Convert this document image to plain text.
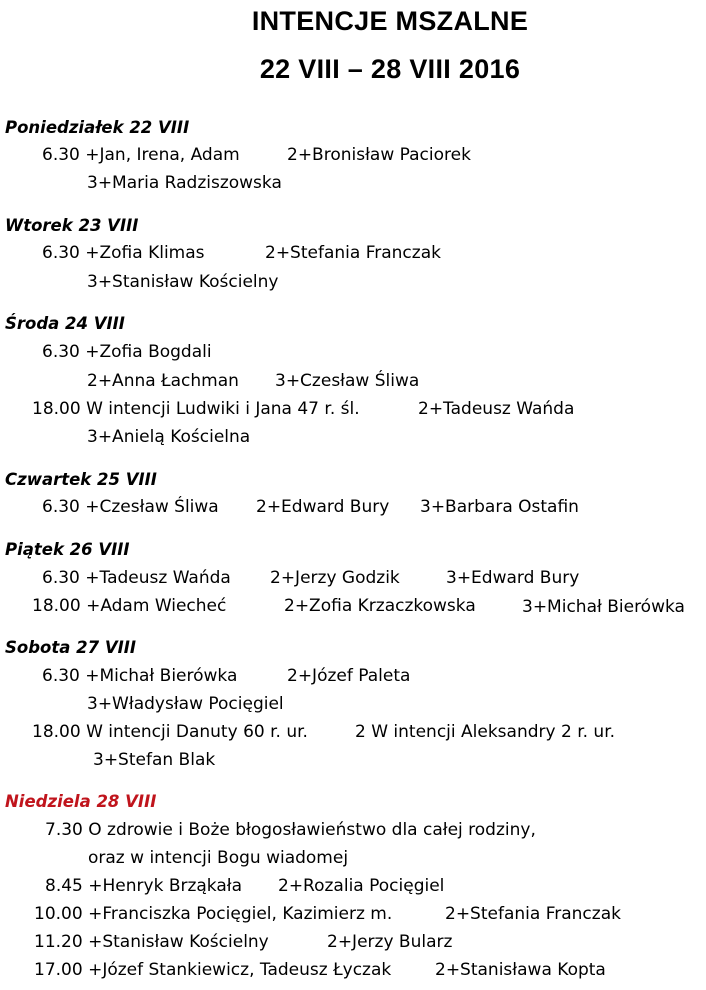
INTENCJE MSZALNE
22 VIII – 28 VIII 2016
Poniedziałek 22 VIII
6.30 +Jan, Irena, Adam	2+Bronisław Paciorek
3+Maria Radziszowska
Wtorek 23 VIII
6.30 +Zofia Klimas	2+Stefania Franczak
3+Stanisław Kościelny
Środa 24 VIII
6.30 +Zofia Bogdali
2+Anna Łachman 3+Czesław Śliwa
18.00 W intencji Ludwiki i Jana 47 r. śl.	2+Tadeusz Wańda
3+Anielą Kościelna
Czwartek 25 VIII
6.30 +Czesław Śliwa 2+Edward Bury 3+Barbara Ostafin
Piątek 26 VIII
6.30 +Tadeusz Wańda 2+Jerzy Godzik	3+Edward Bury
18.00 +Adam Wiecheć	2+Zofia Krzaczkowska	3+Michał Bierówka
Sobota 27 VIII
6.30 +Michał Bierówka	2+Józef Paleta
3+Władysław Pocięgiel
18.00 W intencji Danuty 60 r. ur.	2 W intencji Aleksandry 2 r. ur.
3+Stefan Blak
Niedziela 28 VIII
7.30 O zdrowie i Boże błogosławieństwo dla całej rodziny,
oraz w intencji Bogu wiadomej
8.45 +Henryk Brząkała 2+Rozalia Pocięgiel
10.00 +Franciszka Pocięgiel, Kazimierz m.	2+Stefania Franczak
11.20 +Stanisław Kościelny	2+Jerzy Bularz
17.00 +Józef Stankiewicz, Tadeusz Łyczak	2+Stanisława Kopta
